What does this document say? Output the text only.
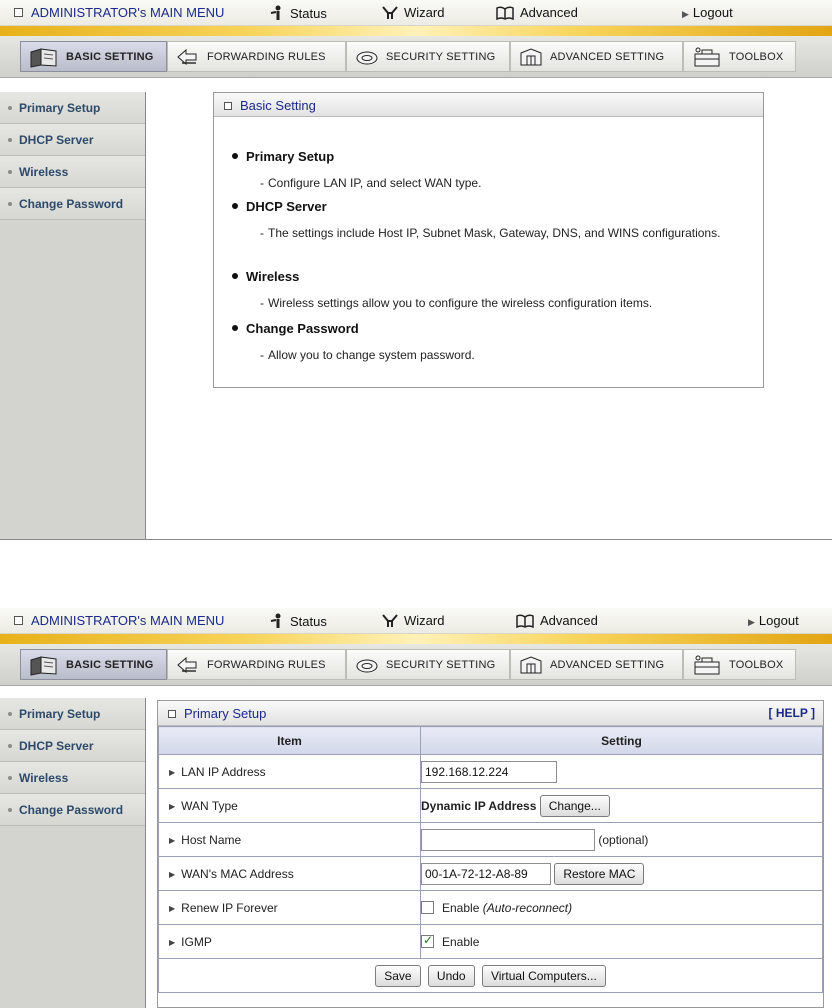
ADMINISTRATOR's MAIN MENU	Status	Wizard	Advanced	▶ Logout
BASIC SETTING	FORWARDING RULES	SECURITY SETTING	ADVANCED SETTING	TOOLBOX
Primary Setup
DHCP Server
Wireless
Change Password
Basic Setting
Primary Setup
- Configure LAN IP, and select WAN type.
DHCP Server
- The settings include Host IP, Subnet Mask, Gateway, DNS, and WINS configurations.
Wireless
- Wireless settings allow you to configure the wireless configuration items.
Change Password
- Allow you to change system password.
ADMINISTRATOR's MAIN MENU	Status	Wizard	Advanced	▶ Logout
BASIC SETTING	FORWARDING RULES	SECURITY SETTING	ADVANCED SETTING	TOOLBOX
Primary Setup
DHCP Server
Wireless
Change Password
Primary Setup	[ HELP ]
Item	Setting
▶ LAN IP Address	192.168.12.224
▶ WAN Type	Dynamic IP Address Change...
▶ Host Name	(optional)
▶ WAN's MAC Address	00-1A-72-12-A8-89Restore MAC
▶ Renew IP Forever	Enable (Auto-reconnect)
▶ IGMP	✓Enable
Save Undo Virtual Computers...	
